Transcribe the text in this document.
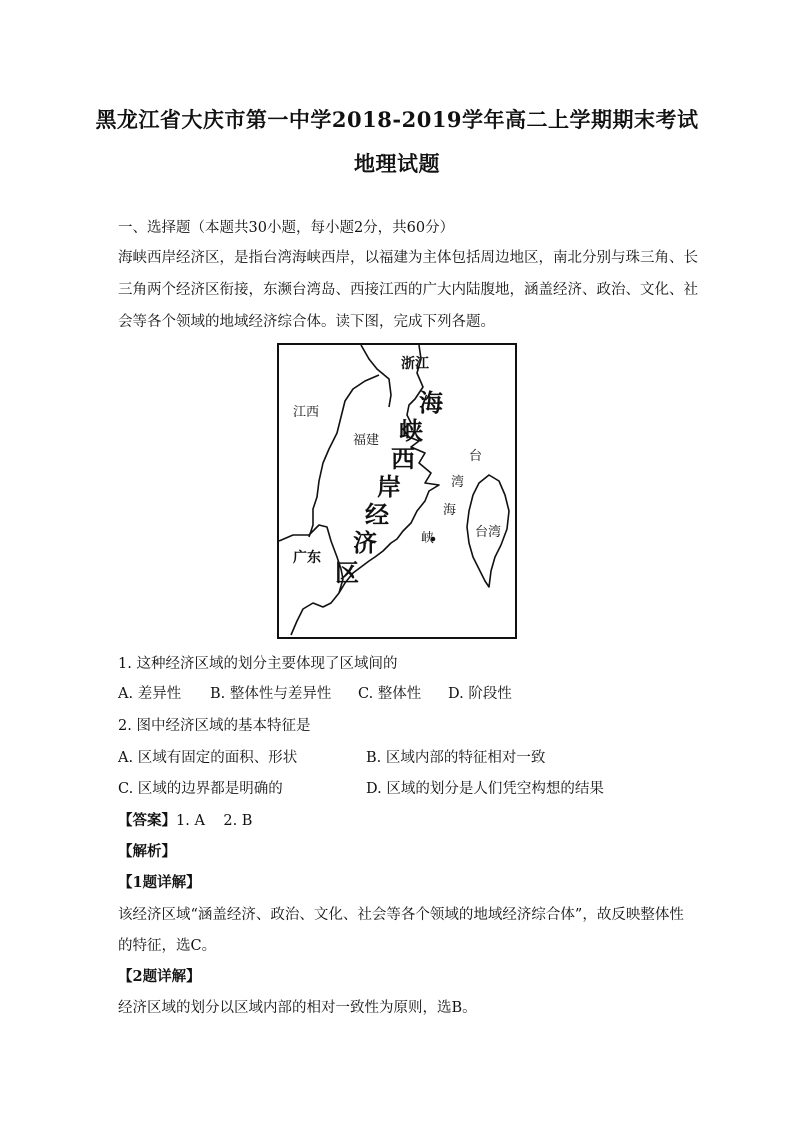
黑龙江省大庆市第一中学2018-2019学年高二上学期期末考试
地理试题
一、选择题（本题共30小题，每小题2分，共60分）
海峡西岸经济区，是指台湾海峡西岸，以福建为主体包括周边地区，南北分别与珠三角、长
三角两个经济区衔接，东濒台湾岛、西接江西的广大内陆腹地，涵盖经济、政治、文化、社
会等各个领域的地域经济综合体。读下图，完成下列各题。
浙江
江西
福建
广东
台湾
台
湾
海
峡
海
峡
西
岸
经
济
区
1. 这种经济区域的划分主要体现了区域间的
A. 差异性 B. 整体性与差异性 C. 整体性 D. 阶段性
2. 图中经济区域的基本特征是
A. 区域有固定的面积、形状	B. 区域内部的特征相对一致
C. 区域的边界都是明确的	D. 区域的划分是人们凭空构想的结果
【答案】1. A    2. B
【解析】
【1题详解】
该经济区域“涵盖经济、政治、文化、社会等各个领域的地域经济综合体”，故反映整体性
的特征，选C。
【2题详解】
经济区域的划分以区域内部的相对一致性为原则，选B。
